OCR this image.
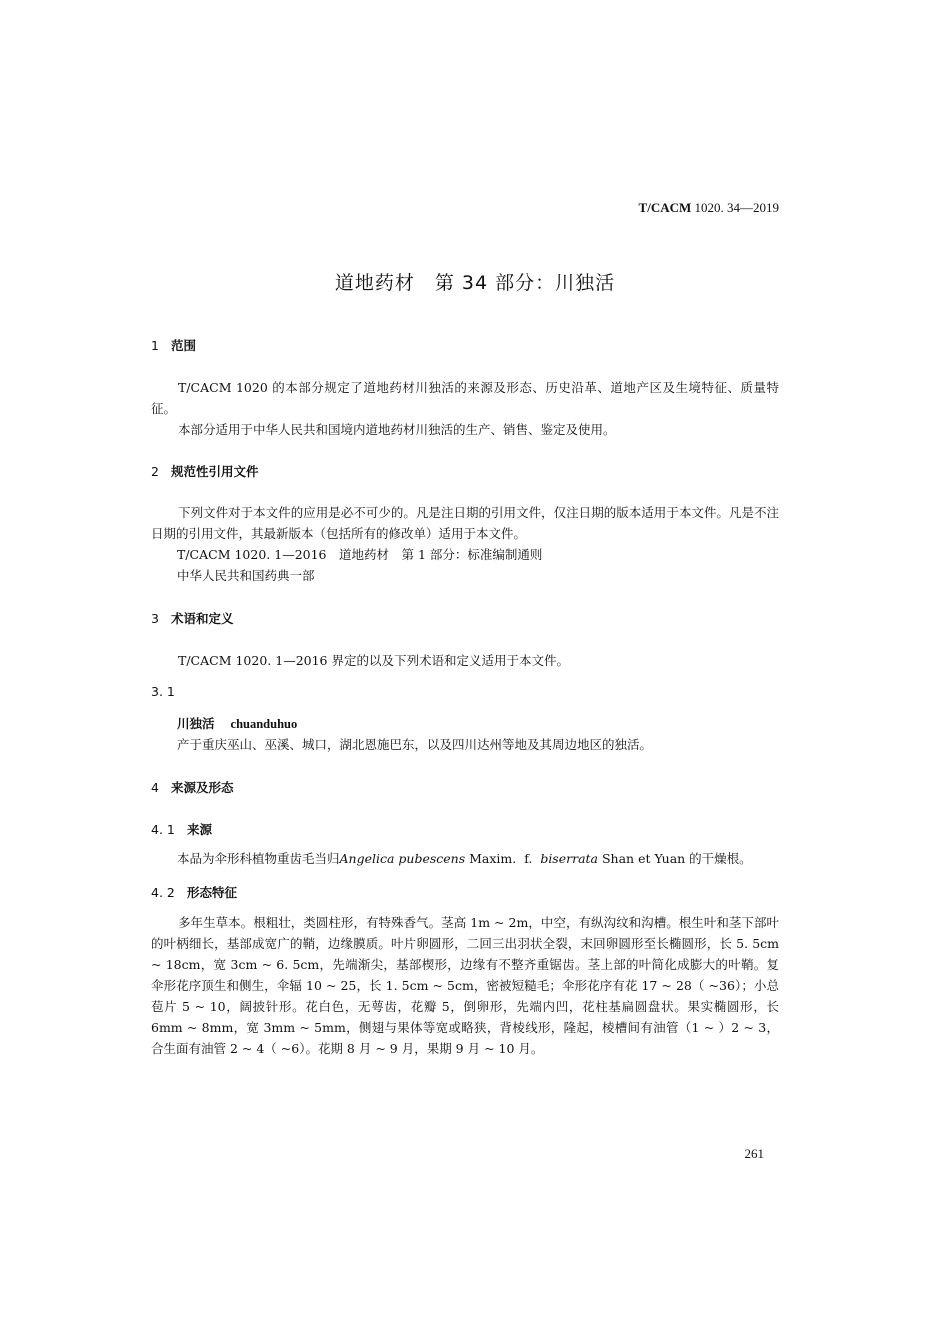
T/CACM 1020. 34—2019
道地药材　第 34 部分：川独活
1 范围
T/CACM 1020 的本部分规定了道地药材川独活的来源及形态、历史沿革、道地产区及生境特征、质量特征。
本部分适用于中华人民共和国境内道地药材川独活的生产、销售、鉴定及使用。
2 规范性引用文件
下列文件对于本文件的应用是必不可少的。凡是注日期的引用文件，仅注日期的版本适用于本文件。凡是不注日期的引用文件，其最新版本（包括所有的修改单）适用于本文件。
T/CACM 1020. 1—2016　道地药材　第 1 部分：标准编制通则
中华人民共和国药典一部
3 术语和定义
T/CACM 1020. 1—2016 界定的以及下列术语和定义适用于本文件。
3. 1
川独活 chuanduhuo
产于重庆巫山、巫溪、城口，湖北恩施巴东，以及四川达州等地及其周边地区的独活。
4 来源及形态
4. 1 来源
本品为伞形科植物重齿毛当归Angelica pubescens Maxim.  f.  biserrata Shan et Yuan 的干燥根。
4. 2 形态特征
多年生草本。根粗壮，类圆柱形，有特殊香气。茎高 1m ~ 2m，中空，有纵沟纹和沟槽。根生叶和茎下部叶的叶柄细长，基部成宽广的鞘，边缘膜质。叶片卵圆形，二回三出羽状全裂，末回卵圆形至长椭圆形，长 5. 5cm ~ 18cm，宽 3cm ~ 6. 5cm，先端渐尖，基部楔形，边缘有不整齐重锯齿。茎上部的叶简化成膨大的叶鞘。复伞形花序顶生和侧生，伞辐 10 ~ 25，长 1. 5cm ~ 5cm，密被短糙毛；伞形花序有花 17 ~ 28（ ~36）；小总苞片 5 ~ 10，阔披针形。花白色，无萼齿，花瓣 5，倒卵形，先端内凹，花柱基扁圆盘状。果实椭圆形，长 6mm ~ 8mm，宽 3mm ~ 5mm，侧翅与果体等宽或略狭，背棱线形，隆起，棱槽间有油管（1 ~ ）2 ~ 3，合生面有油管 2 ~ 4（ ~6）。花期 8 月 ~ 9 月，果期 9 月 ~ 10 月。
261
